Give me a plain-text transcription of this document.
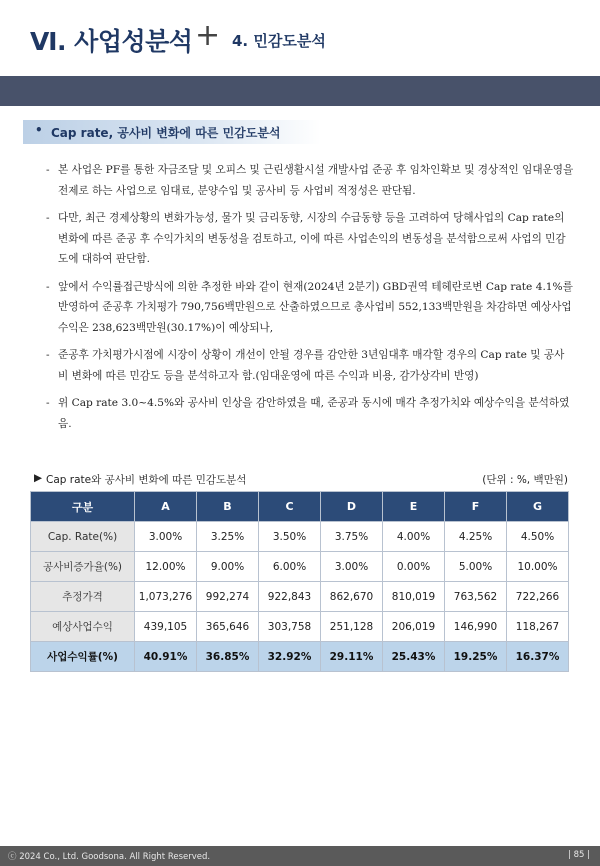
Ⅵ. 사업성분석 + 4. 민감도분석
• Cap rate, 공사비 변화에 따른 민감도분석
- 본 사업은 PF를 통한 자금조달 및 오피스 및 근린생활시설 개발사업 준공 후 임차인확보 및 경상적인 임대운영을 전제로 하는 사업으로 임대료, 분양수입 및 공사비 등 사업비 적정성은 판단됨.
- 다만, 최근 경제상황의 변화가능성, 물가 및 금리동향, 시장의 수급동향 등을 고려하여 당해사업의 Cap rate의 변화에 따른 준공 후 수익가치의 변동성을 검토하고, 이에 따른 사업손익의 변동성을 분석함으로써 사업의 민감도에 대하여 판단함.
- 앞에서 수익률접근방식에 의한 추정한 바와 같이 현재(2024년 2분기) GBD권역 테헤란로변 Cap rate 4.1%를 반영하여 준공후 가치평가 790,756백만원으로 산출하였으므로 총사업비 552,133백만원을 차감하면 예상사업수익은 238,623백만원(30.17%)이 예상되나,
- 준공후 가치평가시점에 시장이 상황이 개선이 안될 경우를 감안한 3년임대후 매각할 경우의 Cap rate 및 공사비 변화에 따른 민감도 등을 분석하고자 함.(임대운영에 따른 수익과 비용, 감가상각비 반영)
- 위 Cap rate 3.0~4.5%와 공사비 인상을 감안하였을 때, 준공과 동시에 매각 추정가치와 예상수익을 분석하였음.
▶ Cap rate와 공사비 변화에 따른 민감도분석	(단위 : %, 백만원)
구분	A	B	C	D	E	F	G
Cap. Rate(%)	3.00%	3.25%	3.50%	3.75%	4.00%	4.25%	4.50%
공사비증가율(%)	12.00%	9.00%	6.00%	3.00%	0.00%	5.00%	10.00%
추정가격	1,073,276	992,274	922,843	862,670	810,019	763,562	722,266
예상사업수익	439,105	365,646	303,758	251,128	206,019	146,990	118,267
사업수익률(%)	40.91%	36.85%	32.92%	29.11%	25.43%	19.25%	16.37%
ⓒ 2024 Co., Ltd. Goodsona. All Right Reserved.	| 85 |
